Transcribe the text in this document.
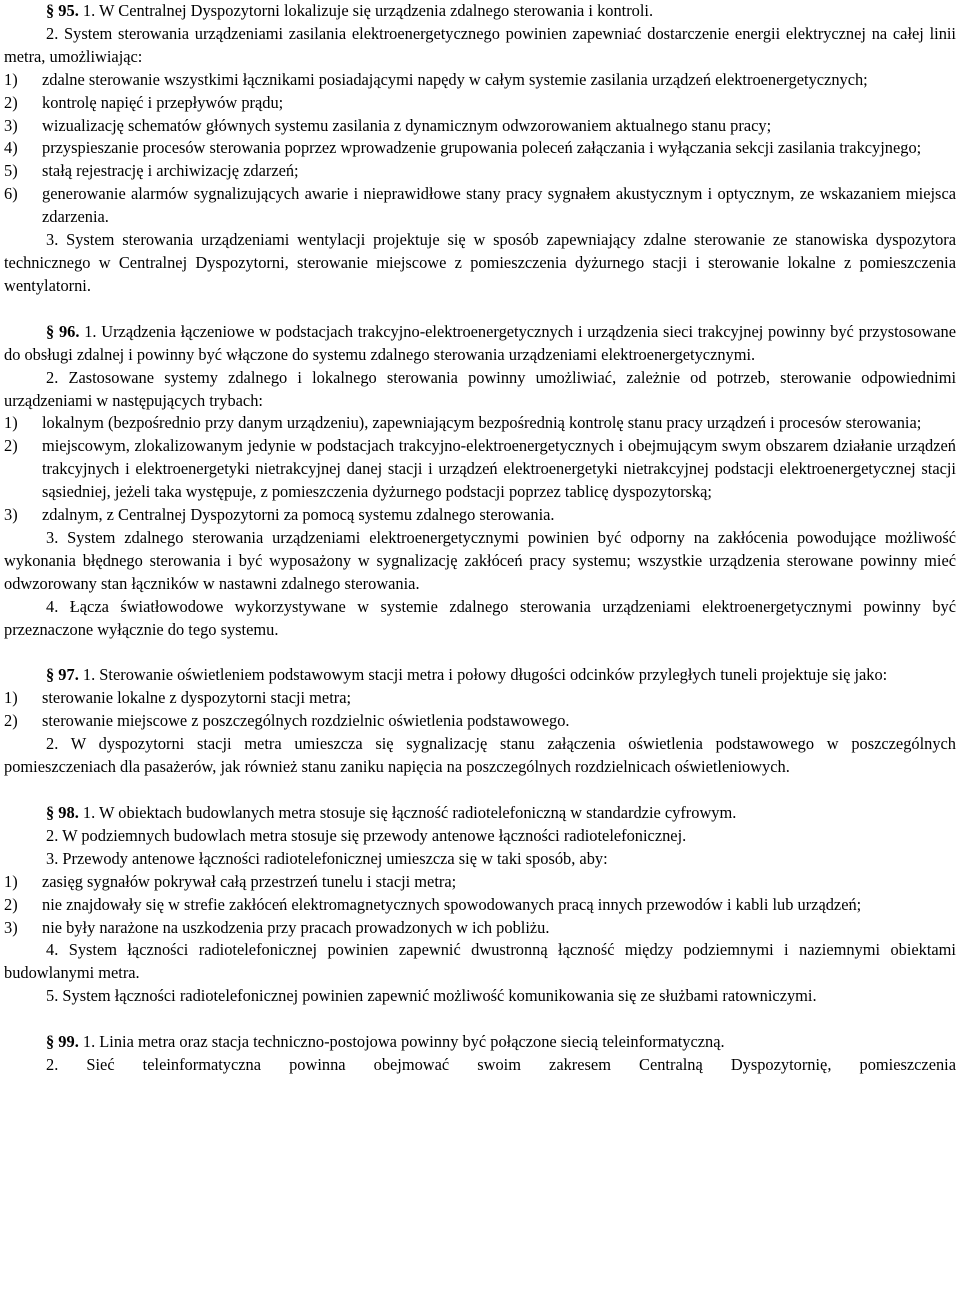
§ 95. 1. W Centralnej Dyspozytorni lokalizuje się urządzenia zdalnego sterowania i kontroli.
2. System sterowania urządzeniami zasilania elektroenergetycznego powinien zapewniać dostarczenie energii elektrycznej na całej linii metra, umożliwiając:
1) zdalne sterowanie wszystkimi łącznikami posiadającymi napędy w całym systemie zasilania urządzeń elektroenergetycznych;
2) kontrolę napięć i przepływów prądu;
3) wizualizację schematów głównych systemu zasilania z dynamicznym odwzorowaniem aktualnego stanu pracy;
4) przyspieszanie procesów sterowania poprzez wprowadzenie grupowania poleceń załączania i wyłączania sekcji zasilania trakcyjnego;
5) stałą rejestrację i archiwizację zdarzeń;
6) generowanie alarmów sygnalizujących awarie i nieprawidłowe stany pracy sygnałem akustycznym i optycznym, ze wskazaniem miejsca zdarzenia.
3. System sterowania urządzeniami wentylacji projektuje się w sposób zapewniający zdalne sterowanie ze stanowiska dyspozytora technicznego w Centralnej Dyspozytorni, sterowanie miejscowe z pomieszczenia dyżurnego stacji i sterowanie lokalne z pomieszczenia wentylatorni.
§ 96. 1. Urządzenia łączeniowe w podstacjach trakcyjno-elektroenergetycznych i urządzenia sieci trakcyjnej powinny być przystosowane do obsługi zdalnej i powinny być włączone do systemu zdalnego sterowania urządzeniami elektroenergetycznymi.
2. Zastosowane systemy zdalnego i lokalnego sterowania powinny umożliwiać, zależnie od potrzeb, sterowanie odpowiednimi urządzeniami w następujących trybach:
1) lokalnym (bezpośrednio przy danym urządzeniu), zapewniającym bezpośrednią kontrolę stanu pracy urządzeń i procesów sterowania;
2) miejscowym, zlokalizowanym jedynie w podstacjach trakcyjno-elektroenergetycznych i obejmującym swym obszarem działanie urządzeń trakcyjnych i elektroenergetyki nietrakcyjnej danej stacji i urządzeń elektroenergetyki nietrakcyjnej podstacji elektroenergetycznej stacji sąsiedniej, jeżeli taka występuje, z pomieszczenia dyżurnego podstacji poprzez tablicę dyspozytorską;
3) zdalnym, z Centralnej Dyspozytorni za pomocą systemu zdalnego sterowania.
3. System zdalnego sterowania urządzeniami elektroenergetycznymi powinien być odporny na zakłócenia powodujące możliwość wykonania błędnego sterowania i być wyposażony w sygnalizację zakłóceń pracy systemu; wszystkie urządzenia sterowane powinny mieć odwzorowany stan łączników w nastawni zdalnego sterowania.
4. Łącza światłowodowe wykorzystywane w systemie zdalnego sterowania urządzeniami elektroenergetycznymi powinny być przeznaczone wyłącznie do tego systemu.
§ 97. 1. Sterowanie oświetleniem podstawowym stacji metra i połowy długości odcinków przyległych tuneli projektuje się jako:
1) sterowanie lokalne z dyspozytorni stacji metra;
2) sterowanie miejscowe z poszczególnych rozdzielnic oświetlenia podstawowego.
2. W dyspozytorni stacji metra umieszcza się sygnalizację stanu załączenia oświetlenia podstawowego w poszczególnych pomieszczeniach dla pasażerów, jak również stanu zaniku napięcia na poszczególnych rozdzielnicach oświetleniowych.
§ 98. 1. W obiektach budowlanych metra stosuje się łączność radiotelefoniczną w standardzie cyfrowym.
2. W podziemnych budowlach metra stosuje się przewody antenowe łączności radiotelefonicznej.
3. Przewody antenowe łączności radiotelefonicznej umieszcza się w taki sposób, aby:
1) zasięg sygnałów pokrywał całą przestrzeń tunelu i stacji metra;
2) nie znajdowały się w strefie zakłóceń elektromagnetycznych spowodowanych pracą innych przewodów i kabli lub urządzeń;
3) nie były narażone na uszkodzenia przy pracach prowadzonych w ich pobliżu.
4. System łączności radiotelefonicznej powinien zapewnić dwustronną łączność między podziemnymi i naziemnymi obiektami budowlanymi metra.
5. System łączności radiotelefonicznej powinien zapewnić możliwość komunikowania się ze służbami ratowniczymi.
§ 99. 1. Linia metra oraz stacja techniczno-postojowa powinny być połączone siecią teleinformatyczną.
2. Sieć teleinformatyczna powinna obejmować swoim zakresem Centralną Dyspozytornię, pomieszczenia
